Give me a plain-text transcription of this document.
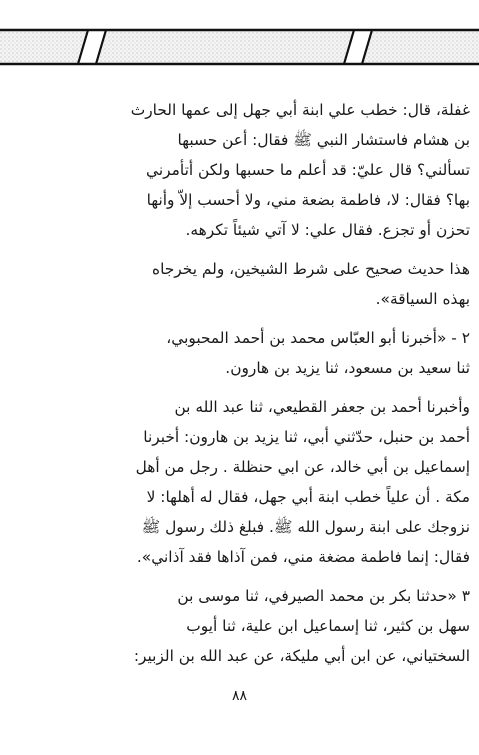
غفلة، قال: خطب علي ابنة أبي جهل إلى عمها الحارث
بن هشام فاستشار النبي ﷺ فقال: أعن حسبها
تسألني؟ قال عليّ: قد أعلم ما حسبها ولكن أتأمرني
بها؟ فقال: لا، فاطمة بضعة مني، ولا أحسب إلاّ وأنها
تحزن أو تجزع. فقال علي: لا آتي شيئاً تكرهه.

هذا حديث صحيح على شرط الشيخين، ولم يخرجاه
بهذه السياقة».

٢ - «أخبرنا أبو العبّاس محمد بن أحمد المحبوبي،
ثنا سعيد بن مسعود، ثنا يزيد بن هارون.

وأخبرنا أحمد بن جعفر القطيعي، ثنا عبد الله بن
أحمد بن حنبل، حدّثني أبي، ثنا يزيد بن هارون: أخبرنا
إسماعيل بن أبي خالد، عن ابي حنظلة . رجل من أهل
مكة . أن علياً خطب ابنة أبي جهل، فقال له أهلها: لا
نزوجك على ابنة رسول الله ﷺ. فبلغ ذلك رسول ﷺ
فقال: إنما فاطمة مضغة مني، فمن آذاها فقد آذاني».

٣ «حدثنا بكر بن محمد الصيرفي، ثنا موسى بن
سهل بن كثير، ثنا إسماعيل ابن علية، ثنا أيوب
السختياني، عن ابن أبي مليكة، عن عبد الله بن الزبير:

٨٨
